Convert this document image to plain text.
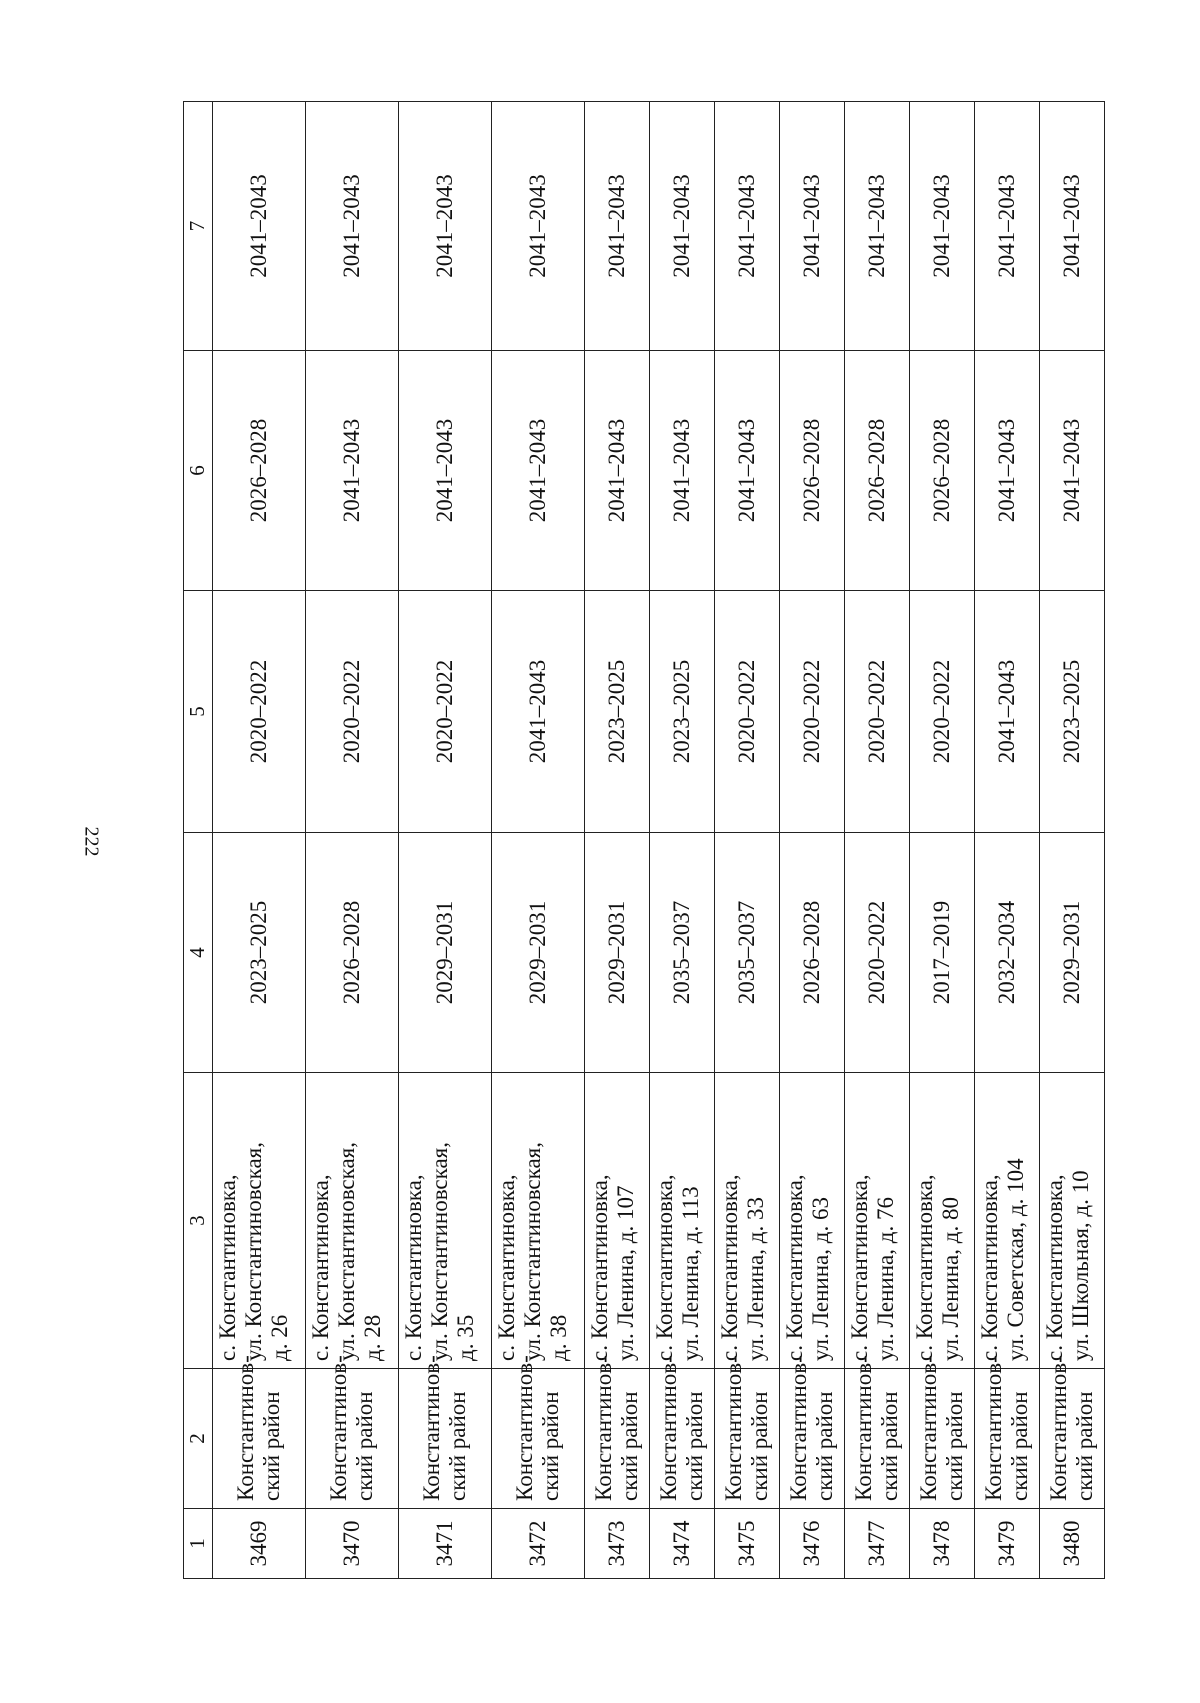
222
1	2	3	4	5	6	7
3469	Константинов- ский район	с. Константиновка, ул. Константиновская, д. 26	2023–2025	2020–2022	2026–2028	2041–2043
3470	Константинов- ский район	с. Константиновка, ул. Константиновская, д. 28	2026–2028	2020–2022	2041–2043	2041–2043
3471	Константинов- ский район	с. Константиновка, ул. Константиновская, д. 35	2029–2031	2020–2022	2041–2043	2041–2043
3472	Константинов- ский район	с. Константиновка, ул. Константиновская, д. 38	2029–2031	2041–2043	2041–2043	2041–2043
3473	Константинов- ский район	с. Константиновка, ул. Ленина, д. 107	2029–2031	2023–2025	2041–2043	2041–2043
3474	Константинов- ский район	с. Константиновка, ул. Ленина, д. 113	2035–2037	2023–2025	2041–2043	2041–2043
3475	Константинов- ский район	с. Константиновка, ул. Ленина, д. 33	2035–2037	2020–2022	2041–2043	2041–2043
3476	Константинов- ский район	с. Константиновка, ул. Ленина, д. 63	2026–2028	2020–2022	2026–2028	2041–2043
3477	Константинов- ский район	с. Константиновка, ул. Ленина, д. 76	2020–2022	2020–2022	2026–2028	2041–2043
3478	Константинов- ский район	с. Константиновка, ул. Ленина, д. 80	2017–2019	2020–2022	2026–2028	2041–2043
3479	Константинов- ский район	с. Константиновка, ул. Советская, д. 104	2032–2034	2041–2043	2041–2043	2041–2043
3480	Константинов- ский район	с. Константиновка, ул. Школьная, д. 10	2029–2031	2023–2025	2041–2043	2041–2043
